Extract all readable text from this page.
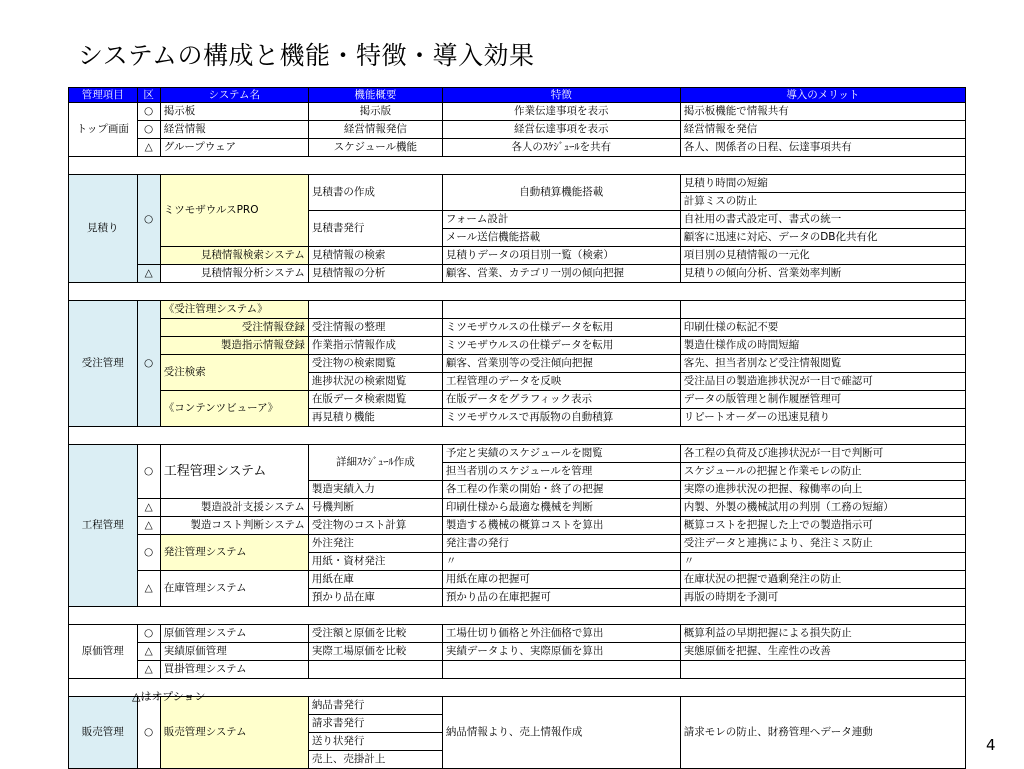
システムの構成と機能・特徴・導入効果
管理項目	区	システム名	機能概要	特徴	導入のメリット
トップ画面	○	掲示板	掲示版	作業伝達事項を表示	掲示板機能で情報共有
	○	経営情報	経営情報発信	経営伝達事項を表示	経営情報を発信
	△	グループウェア	スケジュール機能	各人のｽｹｼﾞｭｰﾙを共有	各人、関係者の日程、伝達事項共有

見積り	○	ミツモザウルスPRO	見積書の作成	自動積算機能搭載	見積り時間の短縮
					計算ミスの防止
			見積書発行	フォーム設計	自社用の書式設定可、書式の統一
				メール送信機能搭載	顧客に迅速に対応、データのDB化共有化
		見積情報検索システム	見積情報の検索	見積りデータの項目別一覧（検索）	項目別の見積情報の一元化
	△	見積情報分析システム	見積情報の分析	顧客、営業、カテゴリ一別の傾向把握	見積りの傾向分析、営業効率判断

受注管理	○	《受注管理システム》			
		受注情報登録	受注情報の整理	ミツモザウルスの仕様データを転用	印刷仕様の転記不要
		製造指示情報登録	作業指示情報作成	ミツモザウルスの仕様データを転用	製造仕様作成の時間短縮
		受注検索	受注物の検索閲覧	顧客、営業別等の受注傾向把握	客先、担当者別など受注情報閲覧
			進捗状況の検索閲覧	工程管理のデータを反映	受注品目の製造進捗状況が一目で確認可
		《コンテンツビューア》	在版データ検索閲覧	在版データをグラフィック表示	データの版管理と制作履歴管理可
			再見積り機能	ミツモザウルスで再版物の自動積算	リピートオーダーの迅速見積り

工程管理	○	工程管理システム	詳細ｽｹｼﾞｭｰﾙ作成	予定と実績のスケジュールを閲覧	各工程の負荷及び進捗状況が一目で判断可
				担当者別のスケジュールを管理	スケジュールの把握と作業モレの防止
			製造実績入力	各工程の作業の開始・終了の把握	実際の進捗状況の把握、稼働率の向上
	△	製造設計支援システム	号機判断	印刷仕様から最適な機械を判断	内製、外製の機械試用の判別（工務の短縮）
	△	製造コスト判断システム	受注物のコスト計算	製造する機械の概算コストを算出	概算コストを把握した上での製造指示可
	○	発注管理システム	外注発注	発注書の発行	受注データと連携により、発注ミス防止
			用紙・資材発注	〃	〃
	△	在庫管理システム	用紙在庫	用紙在庫の把握可	在庫状況の把握で過剰発注の防止
			預かり品在庫	預かり品の在庫把握可	再版の時期を予測可

原価管理	○	原価管理システム	受注額と原価を比較	工場仕切り価格と外注価格で算出	概算利益の早期把握による損失防止
	△	実績原価管理	実際工場原価を比較	実績データより、実際原価を算出	実態原価を把握、生産性の改善
	△	買掛管理システム			

販売管理	○	販売管理システム	納品書発行	納品情報より、売上情報作成	請求モレの防止、財務管理へデータ連動
			請求書発行		
			送り状発行		
			売上、売掛計上		
△はオプション
4
